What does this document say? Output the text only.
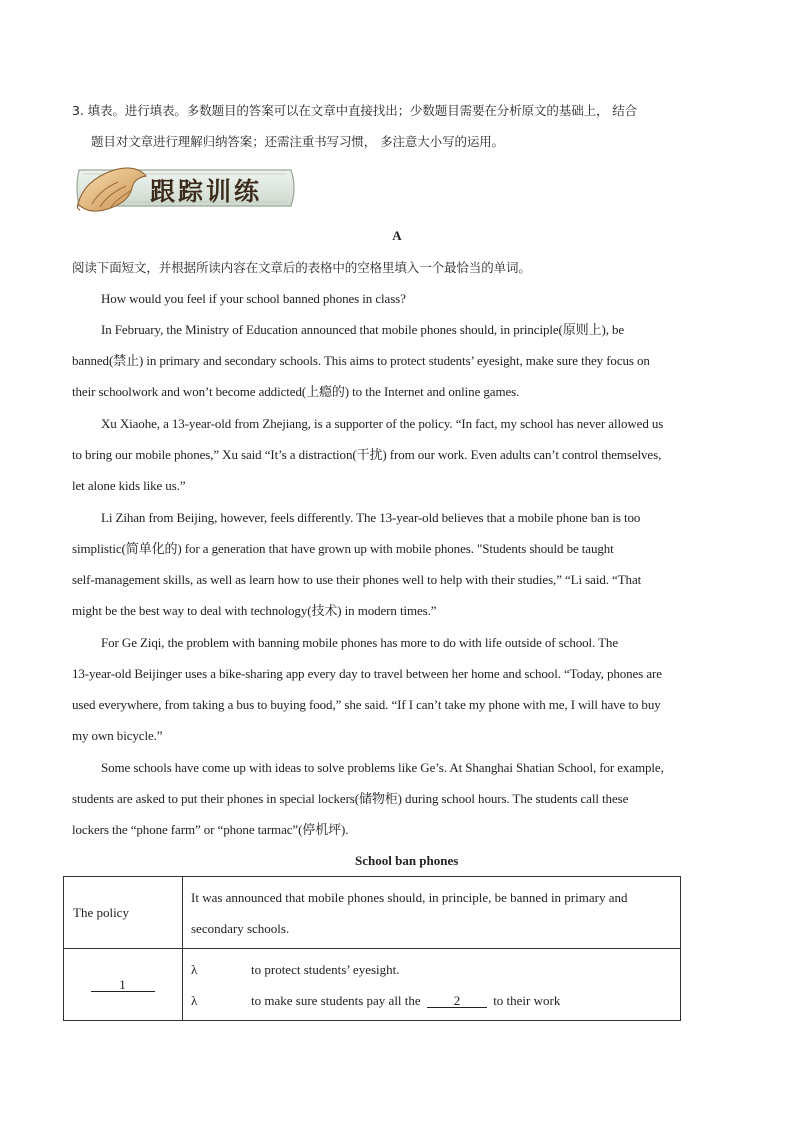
3. 填表。进行填表。多数题目的答案可以在文章中直接找出；少数题目需要在分析原文的基础上， 结合
题目对文章进行理解归纳答案；还需注重书写习惯， 多注意大小写的运用。
跟踪训练
A
阅读下面短文，并根据所读内容在文章后的表格中的空格里填入一个最恰当的单词。
How would you feel if your school banned phones in class?
In February, the Ministry of Education announced that mobile phones should, in principle(原则上), be
banned(禁止) in primary and secondary schools. This aims to protect students’ eyesight, make sure they focus on
their schoolwork and won’t become addicted(上瘾的) to the Internet and online games.
Xu Xiaohe, a 13-year-old from Zhejiang, is a supporter of the policy. “In fact, my school has never allowed us
to bring our mobile phones,” Xu said “It’s a distraction(干扰) from our work. Even adults can’t control themselves,
let alone kids like us.”
Li Zihan from Beijing, however, feels differently. The 13-year-old believes that a mobile phone ban is too
simplistic(简单化的) for a generation that have grown up with mobile phones. "Students should be taught
self-management skills, as well as learn how to use their phones well to help with their studies,” “Li said. “That
might be the best way to deal with technology(技术) in modern times.”
For Ge Ziqi, the problem with banning mobile phones has more to do with life outside of school. The
13-year-old Beijinger uses a bike-sharing app every day to travel between her home and school. “Today, phones are
used everywhere, from taking a bus to buying food,” she said. “If I can’t take my phone with me, I will have to buy
my own bicycle.”
Some schools have come up with ideas to solve problems like Ge’s. At Shanghai Shatian School, for example,
students are asked to put their phones in special lockers(储物柜) during school hours. The students call these
lockers the “phone farm” or “phone tarmac”(停机坪).
School ban phones
The policy	It was announced that mobile phones should, in principle, be banned in primary and
secondary schools.

1	λ to protect students’ eyesight.
λ to make sure students pay all the 2 to their work
